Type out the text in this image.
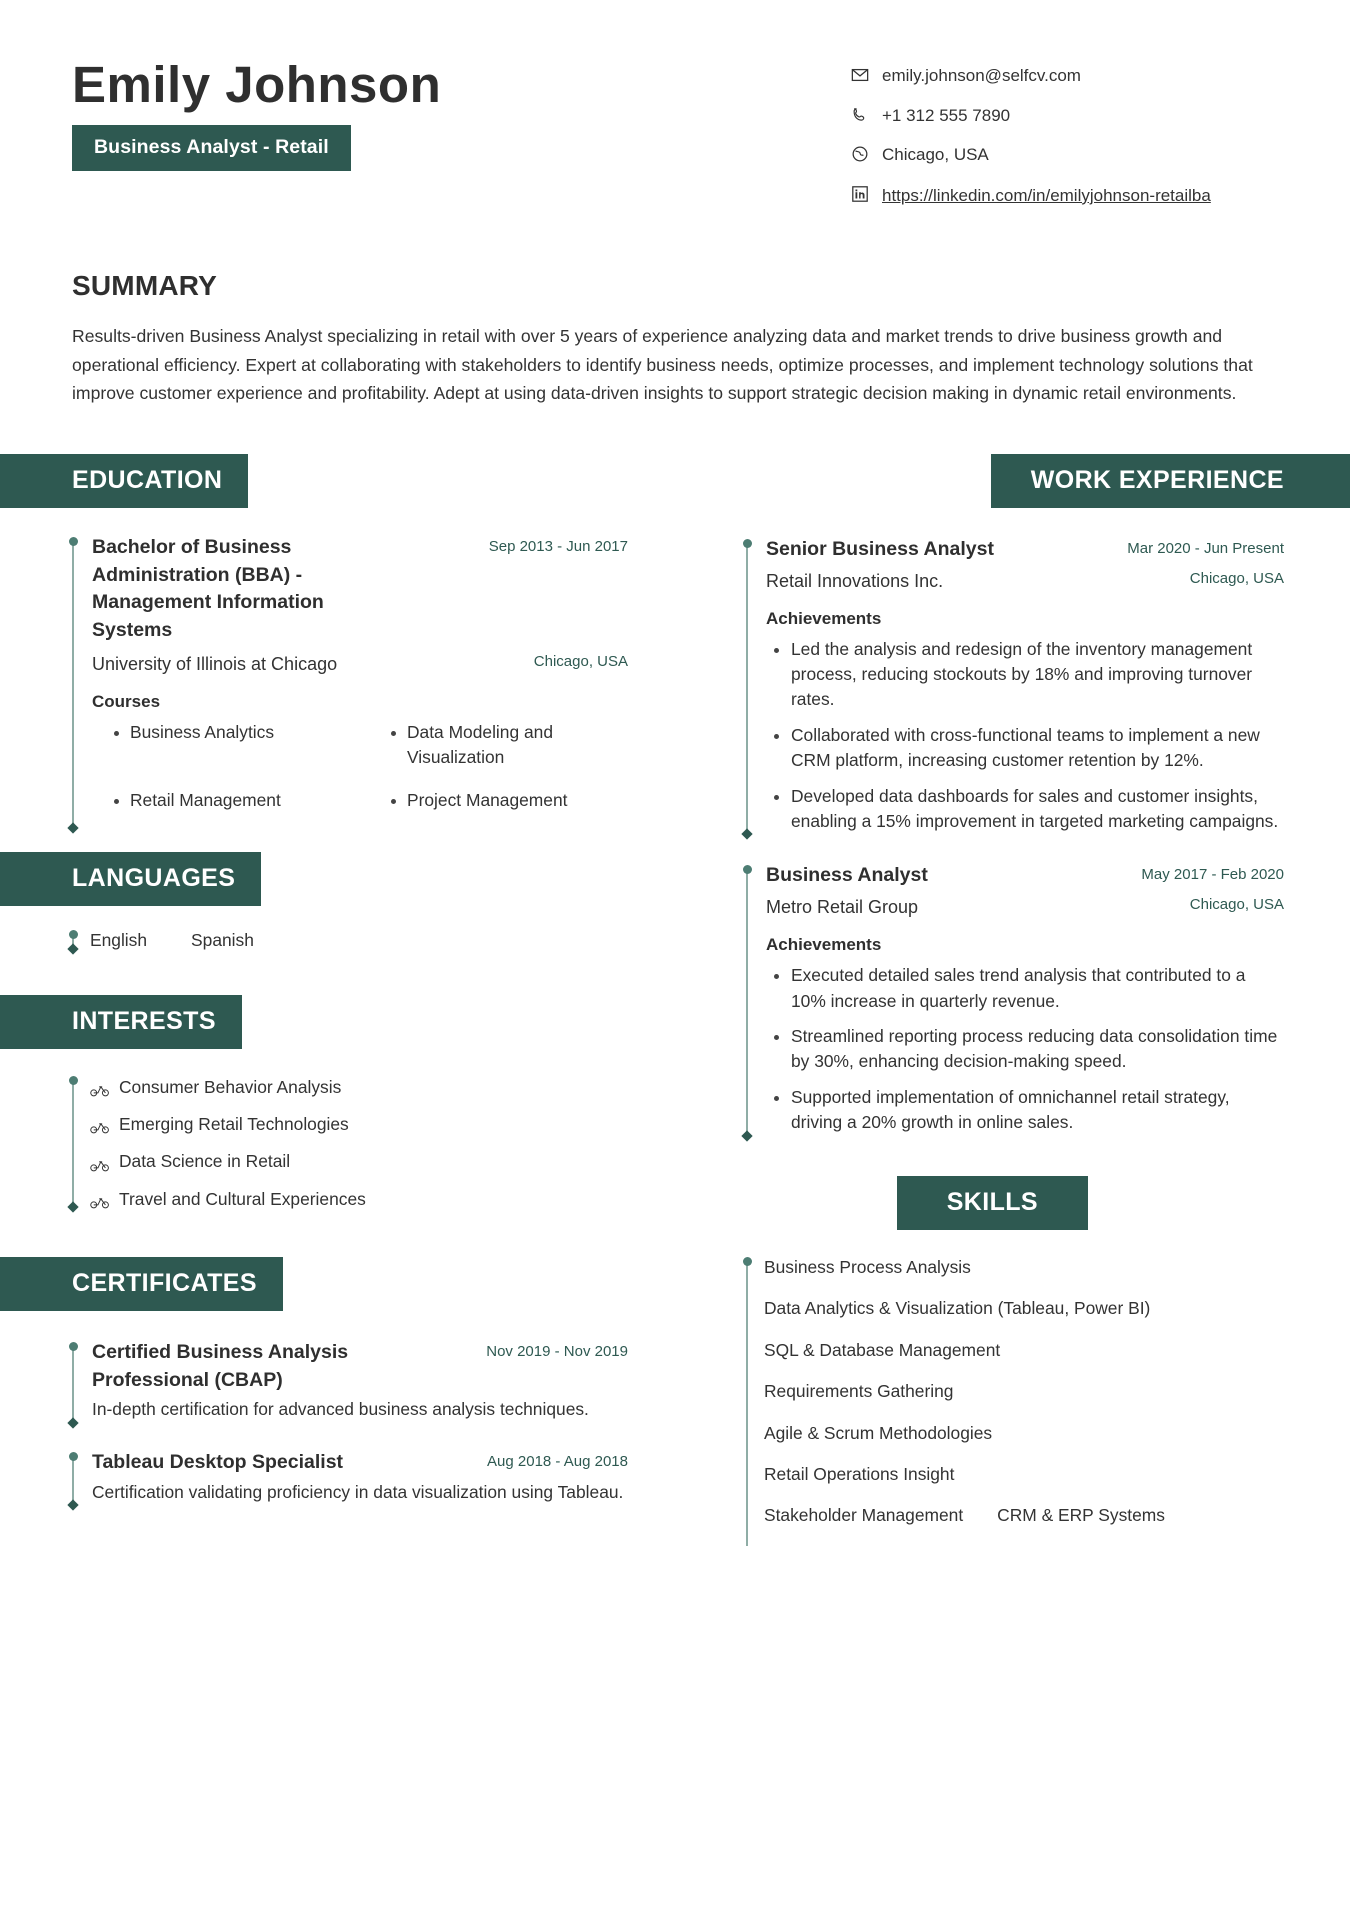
Emily Johnson
Business Analyst - Retail
emily.johnson@selfcv.com
+1 312 555 7890
Chicago, USA
https://linkedin.com/in/emilyjohnson-retailba
SUMMARY
Results-driven Business Analyst specializing in retail with over 5 years of experience analyzing data and market trends to drive business growth and operational efficiency. Expert at collaborating with stakeholders to identify business needs, optimize processes, and implement technology solutions that improve customer experience and profitability. Adept at using data-driven insights to support strategic decision making in dynamic retail environments.
EDUCATION
Bachelor of Business Administration (BBA) - Management Information Systems
Sep 2013 - Jun 2017
University of Illinois at Chicago	Chicago, USA
Courses
Business Analytics	Data Modeling and Visualization
Retail Management	Project Management
LANGUAGES
English	Spanish
INTERESTS
Consumer Behavior Analysis
Emerging Retail Technologies
Data Science in Retail
Travel and Cultural Experiences
CERTIFICATES
Certified Business Analysis Professional (CBAP)
Nov 2019 - Nov 2019
In-depth certification for advanced business analysis techniques.
Tableau Desktop Specialist	Aug 2018 - Aug 2018
Certification validating proficiency in data visualization using Tableau.
WORK EXPERIENCE
Senior Business Analyst	Mar 2020 - Jun Present
Retail Innovations Inc.	Chicago, USA
Achievements
Led the analysis and redesign of the inventory management process, reducing stockouts by 18% and improving turnover rates.
Collaborated with cross-functional teams to implement a new CRM platform, increasing customer retention by 12%.
Developed data dashboards for sales and customer insights, enabling a 15% improvement in targeted marketing campaigns.
Business Analyst	May 2017 - Feb 2020
Metro Retail Group	Chicago, USA
Achievements
Executed detailed sales trend analysis that contributed to a 10% increase in quarterly revenue.
Streamlined reporting process reducing data consolidation time by 30%, enhancing decision-making speed.
Supported implementation of omnichannel retail strategy, driving a 20% growth in online sales.
SKILLS
Business Process Analysis
Data Analytics & Visualization (Tableau, Power BI)
SQL & Database Management
Requirements Gathering
Agile & Scrum Methodologies
Retail Operations Insight
Stakeholder Management CRM & ERP Systems
